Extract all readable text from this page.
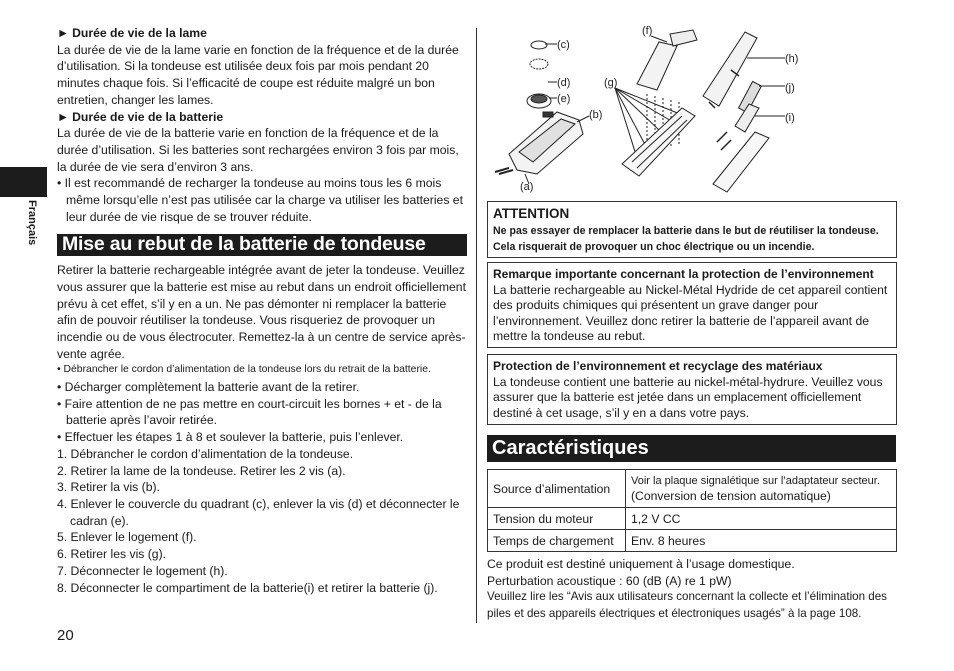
Français

► Durée de vie de la lame

La durée de vie de la lame varie en fonction de la fréquence et de la durée d’utilisation. Si la tondeuse est utilisée deux fois par mois pendant 20 minutes chaque fois. Si l’efficacité de coupe est réduite malgré un bon entretien, changer les lames.

► Durée de vie de la batterie

La durée de vie de la batterie varie en fonction de la fréquence et de la durée d’utilisation. Si les batteries sont rechargées environ 3 fois par mois, la durée de vie sera d’environ 3 ans.

• Il est recommandé de recharger la tondeuse au moins tous les 6 mois même lorsqu’elle n’est pas utilisée car la charge va utiliser les batteries et leur durée de vie risque de se trouver réduite.

Mise au rebut de la batterie de tondeuse

Retirer la batterie rechargeable intégrée avant de jeter la tondeuse. Veuillez vous assurer que la batterie est mise au rebut dans un endroit officiellement prévu à cet effet, s’il y en a un. Ne pas démonter ni remplacer la batterie afin de pouvoir réutiliser la tondeuse. Vous risqueriez de provoquer un incendie ou de vous électrocuter. Remettez-la à un centre de service après-vente agrée.

• Débrancher le cordon d’alimentation de la tondeuse lors du retrait de la batterie.

• Décharger complètement la batterie avant de la retirer.

• Faire attention de ne pas mettre en court-circuit les bornes + et - de la batterie après l’avoir retirée.

• Effectuer les étapes 1 à 8 et soulever la batterie, puis l’enlever.

1. Débrancher le cordon d’alimentation de la tondeuse.

2. Retirer la lame de la tondeuse. Retirer les 2 vis (a).

3. Retirer la vis (b).

4. Enlever le couvercle du quadrant (c), enlever la vis (d) et déconnecter le cadran (e).

5. Enlever le logement (f).

6. Retirer les vis (g).

7. Déconnecter le logement (h).

8. Déconnecter le compartiment de la batterie(i) et retirer la batterie (j).

20
(c)
(d)
(e)
(b)
(a)
(f)
(g)
(h)
(j)
(i)
ATTENTION
Ne pas essayer de remplacer la batterie dans le but de réutiliser la tondeuse. Cela risquerait de provoquer un choc électrique ou un incendie.
Remarque importante concernant la protection de l’environnement
La batterie rechargeable au Nickel-Métal Hydride de cet appareil contient des produits chimiques qui présentent un grave danger pour l’environnement. Veuillez donc retirer la batterie de l’appareil avant de mettre la tondeuse au rebut.
Protection de l’environnement et recyclage des matériaux
La tondeuse contient une batterie au nickel-métal-hydrure. Veuillez vous assurer que la batterie est jetée dans un emplacement officiellement destiné à cet usage, s’il y en a dans votre pays.
Caractéristiques
Source d’alimentation	Voir la plaque signalétique sur l’adaptateur secteur.
(Conversion de tension automatique)

Tension du moteur	1,2 V CC
Temps de chargement	Env. 8 heures

Ce produit est destiné uniquement à l’usage domestique.

Perturbation acoustique : 60 (dB (A) re 1 pW)

Veuillez lire les “Avis aux utilisateurs concernant la collecte et l’élimination des piles et des appareils électriques et électroniques usagés” à la page 108.
